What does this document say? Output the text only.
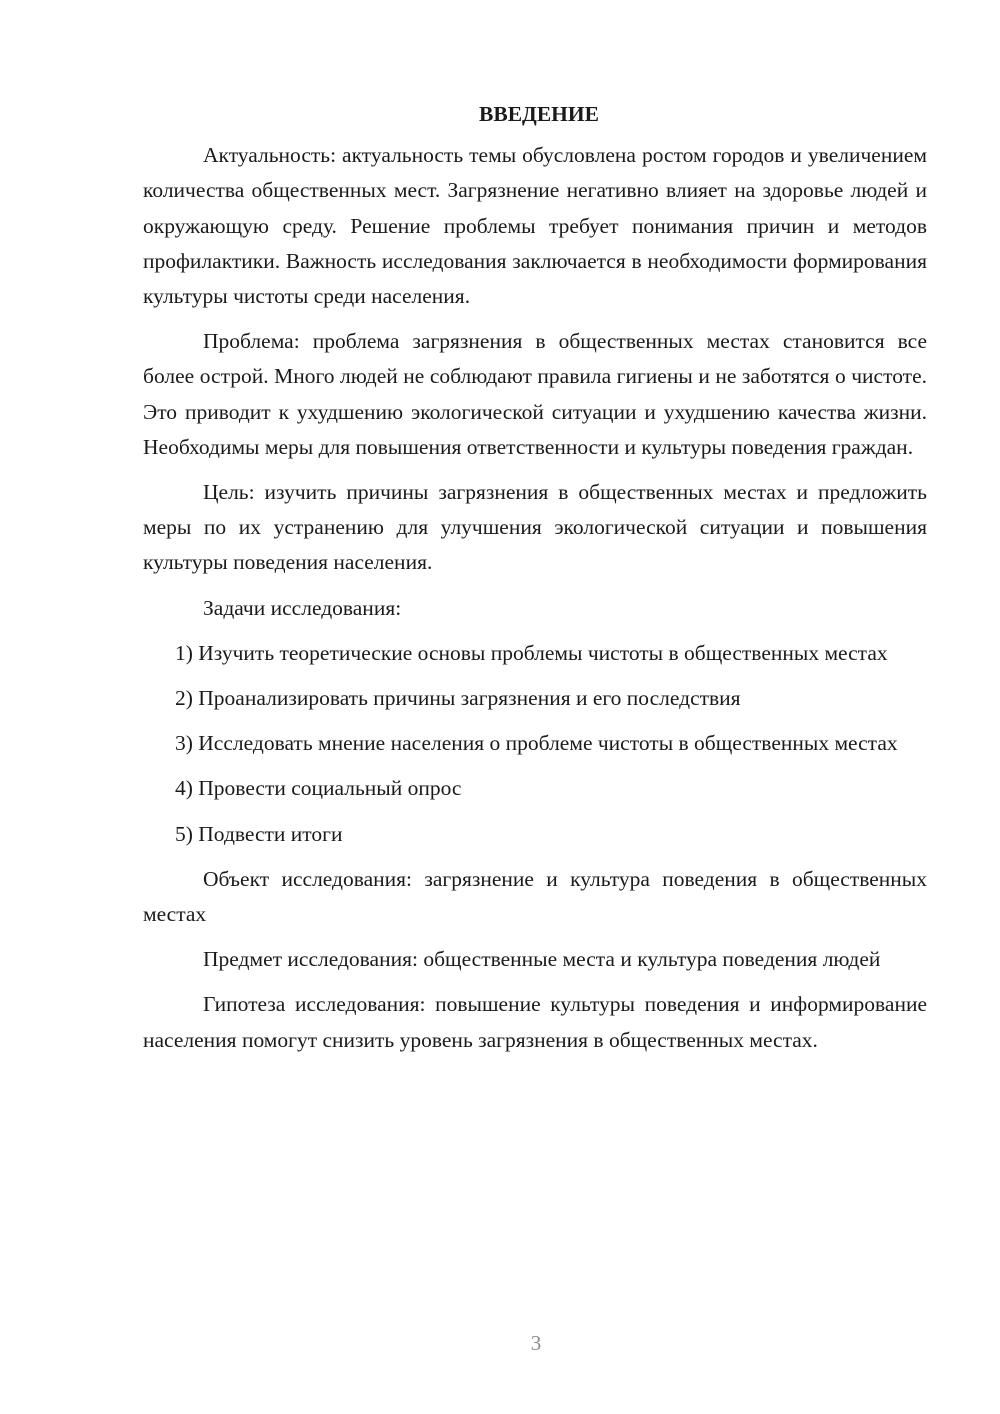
ВВЕДЕНИЕ

Актуальность: актуальность темы обусловлена ростом городов и увеличением количества общественных мест. Загрязнение негативно влияет на здоровье людей и окружающую среду. Решение проблемы требует понимания причин и методов профилактики. Важность исследования заключается в необходимости формирования культуры чистоты среди населения.

Проблема: проблема загрязнения в общественных местах становится все более острой. Много людей не соблюдают правила гигиены и не заботятся о чистоте. Это приводит к ухудшению экологической ситуации и ухудшению качества жизни. Необходимы меры для повышения ответственности и культуры поведения граждан.

Цель: изучить причины загрязнения в общественных местах и предложить меры по их устранению для улучшения экологической ситуации и повышения культуры поведения населения.

Задачи исследования:

1) Изучить теоретические основы проблемы чистоты в общественных местах

2) Проанализировать причины загрязнения и его последствия

3) Исследовать мнение населения о проблеме чистоты в общественных местах

4) Провести социальный опрос

5) Подвести итоги

Объект исследования: загрязнение и культура поведения в общественных местах

Предмет исследования: общественные места и культура поведения людей

Гипотеза исследования: повышение культуры поведения и информирование населения помогут снизить уровень загрязнения в общественных местах.

3
